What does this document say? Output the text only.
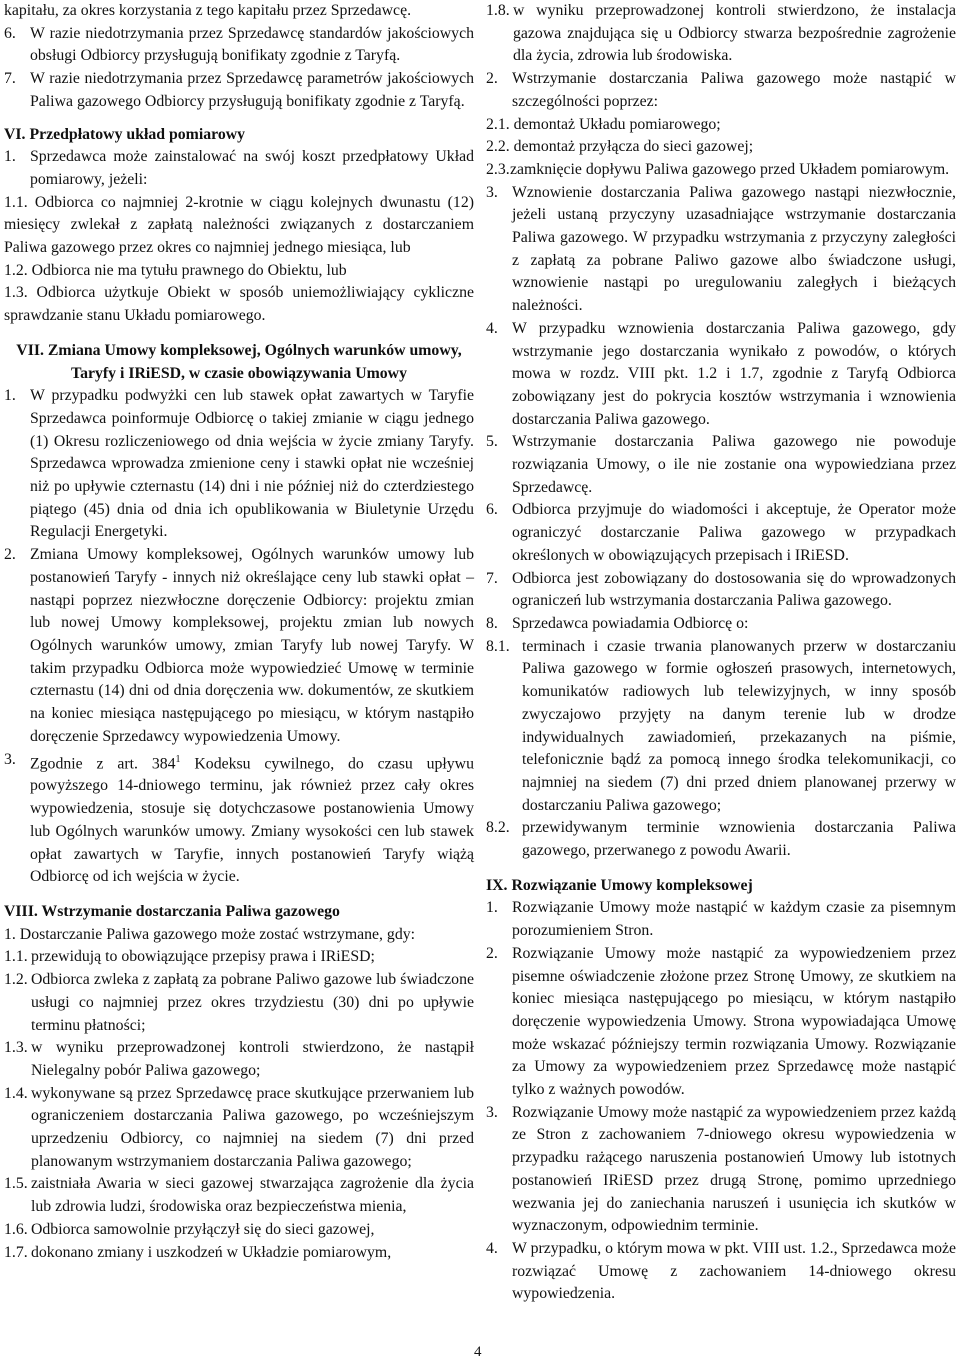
kapitału, za okres korzystania z tego kapitału przez Sprzedawcę.
6. W razie niedotrzymania przez Sprzedawcę standardów jakościowych obsługi Odbiorcy przysługują bonifikaty zgodnie z Taryfą.
7. W razie niedotrzymania przez Sprzedawcę parametrów jakościowych Paliwa gazowego Odbiorcy przysługują bonifikaty zgodnie z Taryfą.
VI. Przedpłatowy układ pomiarowy
1. Sprzedawca może zainstalować na swój koszt przedpłatowy Układ pomiarowy, jeżeli:
1.1. Odbiorca co najmniej 2-krotnie w ciągu kolejnych dwunastu (12) miesięcy zwlekał z zapłatą należności związanych z dostarczaniem Paliwa gazowego przez okres co najmniej jednego miesiąca, lub
1.2. Odbiorca nie ma tytułu prawnego do Obiektu, lub
1.3. Odbiorca użytkuje Obiekt w sposób uniemożliwiający cykliczne sprawdzanie stanu Układu pomiarowego.
VII. Zmiana Umowy kompleksowej, Ogólnych warunków umowy, Taryfy i IRiESD, w czasie obowiązywania Umowy
1. W przypadku podwyżki cen lub stawek opłat zawartych w Taryfie Sprzedawca poinformuje Odbiorcę o takiej zmianie w ciągu jednego (1) Okresu rozliczeniowego od dnia wejścia w życie zmiany Taryfy. Sprzedawca wprowadza zmienione ceny i stawki opłat nie wcześniej niż po upływie czternastu (14) dni i nie później niż do czterdziestego piątego (45) dnia od dnia ich opublikowania w Biuletynie Urzędu Regulacji Energetyki.
2. Zmiana Umowy kompleksowej, Ogólnych warunków umowy lub postanowień Taryfy - innych niż określające ceny lub stawki opłat – nastąpi poprzez niezwłoczne doręczenie Odbiorcy: projektu zmian lub nowej Umowy kompleksowej, projektu zmian lub nowych Ogólnych warunków umowy, zmian Taryfy lub nowej Taryfy. W takim przypadku Odbiorca może wypowiedzieć Umowę w terminie czternastu (14) dni od dnia doręczenia ww. dokumentów, ze skutkiem na koniec miesiąca następującego po miesiącu, w którym nastąpiło doręczenie Sprzedawcy wypowiedzenia Umowy.
3. Zgodnie z art. $384^1$ Kodeksu cywilnego, do czasu upływu powyższego 14-dniowego terminu, jak również przez cały okres wypowiedzenia, stosuje się dotychczasowe postanowienia Umowy lub Ogólnych warunków umowy. Zmiany wysokości cen lub stawek opłat zawartych w Taryfie, innych postanowień Taryfy wiążą Odbiorcę od ich wejścia w życie.
VIII. Wstrzymanie dostarczania Paliwa gazowego
1. Dostarczanie Paliwa gazowego może zostać wstrzymane, gdy:
1.1. przewidują to obowiązujące przepisy prawa i IRiESD;
1.2. Odbiorca zwleka z zapłatą za pobrane Paliwo gazowe lub świadczone usługi co najmniej przez okres trzydziestu (30) dni po upływie terminu płatności;
1.3. w wyniku przeprowadzonej kontroli stwierdzono, że nastąpił Nielegalny pobór Paliwa gazowego;
1.4. wykonywane są przez Sprzedawcę prace skutkujące przerwaniem lub ograniczeniem dostarczania Paliwa gazowego, po wcześniejszym uprzedzeniu Odbiorcy, co najmniej na siedem (7) dni przed planowanym wstrzymaniem dostarczania Paliwa gazowego;
1.5. zaistniała Awaria w sieci gazowej stwarzająca zagrożenie dla życia lub zdrowia ludzi, środowiska oraz bezpieczeństwa mienia,
1.6. Odbiorca samowolnie przyłączył się do sieci gazowej,
1.7. dokonano zmiany i uszkodzeń w Układzie pomiarowym,
1.8. w wyniku przeprowadzonej kontroli stwierdzono, że instalacja gazowa znajdująca się u Odbiorcy stwarza bezpośrednie zagrożenie dla życia, zdrowia lub środowiska.
2. Wstrzymanie dostarczania Paliwa gazowego może nastąpić w szczególności poprzez:
2.1. demontaż Układu pomiarowego;
2.2. demontaż przyłącza do sieci gazowej;
2.3. zamknięcie dopływu Paliwa gazowego przed Układem pomiarowym.
3. Wznowienie dostarczania Paliwa gazowego nastąpi niezwłocznie, jeżeli ustaną przyczyny uzasadniające wstrzymanie dostarczania Paliwa gazowego. W przypadku wstrzymania z przyczyny zaległości z zapłatą za pobrane Paliwo gazowe albo świadczone usługi, wznowienie nastąpi po uregulowaniu zaległych i bieżących należności.
4. W przypadku wznowienia dostarczania Paliwa gazowego, gdy wstrzymanie jego dostarczania wynikało z powodów, o których mowa w rozdz. VIII pkt. 1.2 i 1.7, zgodnie z Taryfą Odbiorca zobowiązany jest do pokrycia kosztów wstrzymania i wznowienia dostarczania Paliwa gazowego.
5. Wstrzymanie dostarczania Paliwa gazowego nie powoduje rozwiązania Umowy, o ile nie zostanie ona wypowiedziana przez Sprzedawcę.
6. Odbiorca przyjmuje do wiadomości i akceptuje, że Operator może ograniczyć dostarczanie Paliwa gazowego w przypadkach określonych w obowiązujących przepisach i IRiESD.
7. Odbiorca jest zobowiązany do dostosowania się do wprowadzonych ograniczeń lub wstrzymania dostarczania Paliwa gazowego.
8. Sprzedawca powiadamia Odbiorcę o:
8.1. terminach i czasie trwania planowanych przerw w dostarczaniu Paliwa gazowego w formie ogłoszeń prasowych, internetowych, komunikatów radiowych lub telewizyjnych, w inny sposób zwyczajowo przyjęty na danym terenie lub w drodze indywidualnych zawiadomień, przekazanych na piśmie, telefonicznie bądź za pomocą innego środka telekomunikacji, co najmniej na siedem (7) dni przed dniem planowanej przerwy w dostarczaniu Paliwa gazowego;
8.2. przewidywanym terminie wznowienia dostarczania Paliwa gazowego, przerwanego z powodu Awarii.
IX. Rozwiązanie Umowy kompleksowej
1. Rozwiązanie Umowy może nastąpić w każdym czasie za pisemnym porozumieniem Stron.
2. Rozwiązanie Umowy może nastąpić za wypowiedzeniem przez pisemne oświadczenie złożone przez Stronę Umowy, ze skutkiem na koniec miesiąca następującego po miesiącu, w którym nastąpiło doręczenie wypowiedzenia Umowy. Strona wypowiadająca Umowę może wskazać późniejszy termin rozwiązania Umowy. Rozwiązanie za Umowy za wypowiedzeniem przez Sprzedawcę może nastąpić tylko z ważnych powodów.
3. Rozwiązanie Umowy może nastąpić za wypowiedzeniem przez każdą ze Stron z zachowaniem 7-dniowego okresu wypowiedzenia w przypadku rażącego naruszenia postanowień Umowy lub istotnych postanowień IRiESD przez drugą Stronę, pomimo uprzedniego wezwania jej do zaniechania naruszeń i usunięcia ich skutków w wyznaczonym, odpowiednim terminie.
4. W przypadku, o którym mowa w pkt. VIII ust. 1.2., Sprzedawca może rozwiązać Umowę z zachowaniem 14-dniowego okresu wypowiedzenia.
4
